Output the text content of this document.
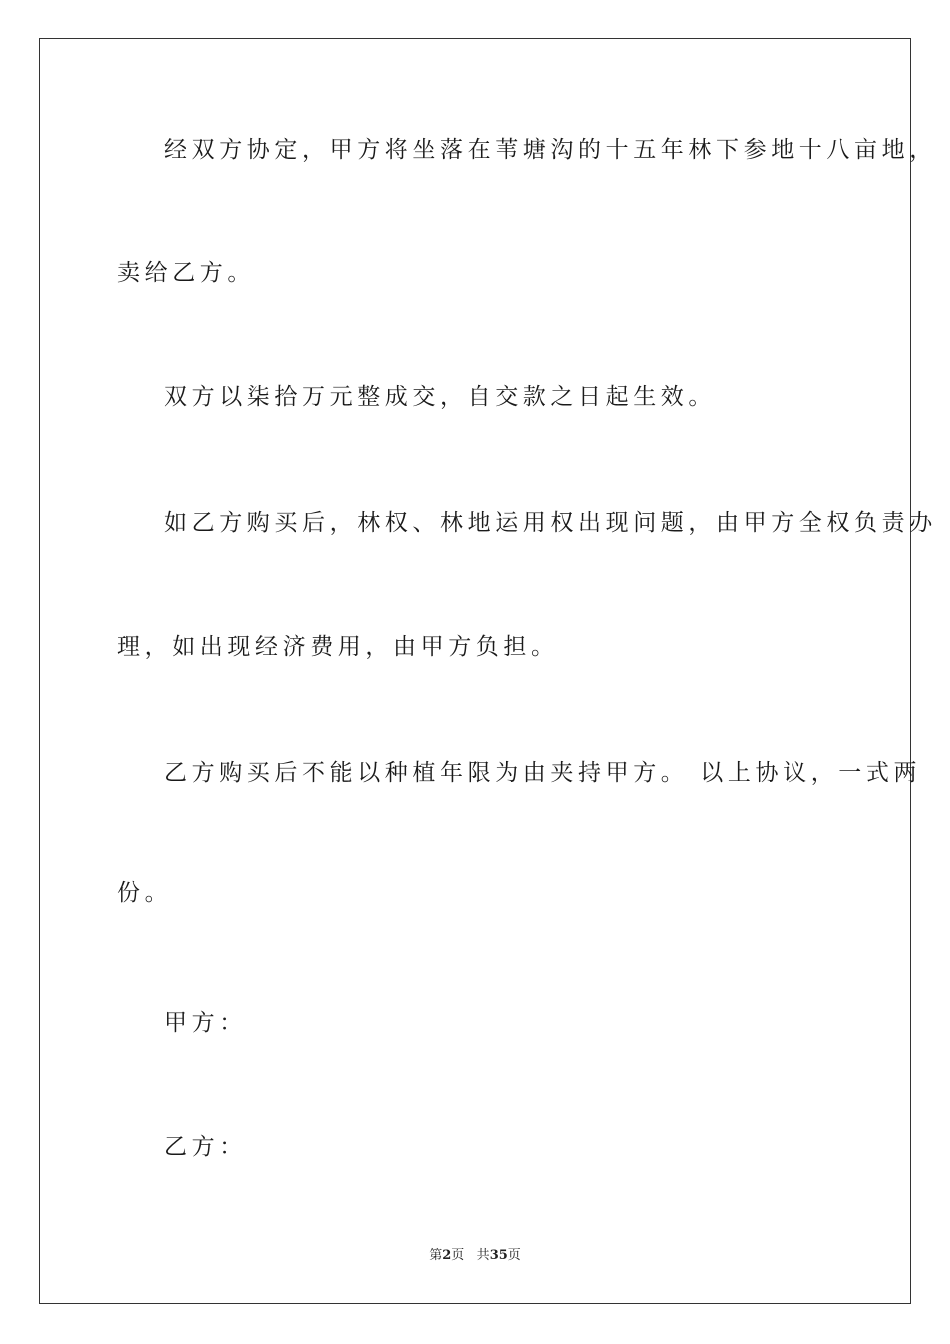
经双方协定，甲方将坐落在苇塘沟的十五年林下参地十八亩地，

卖给乙方。

双方以柒拾万元整成交，自交款之日起生效。

如乙方购买后，林权、林地运用权出现问题，由甲方全权负责办

理，如出现经济费用，由甲方负担。

乙方购买后不能以种植年限为由夹持甲方。 以上协议，一式两

份。

甲方：

乙方：

第2页 共35页
